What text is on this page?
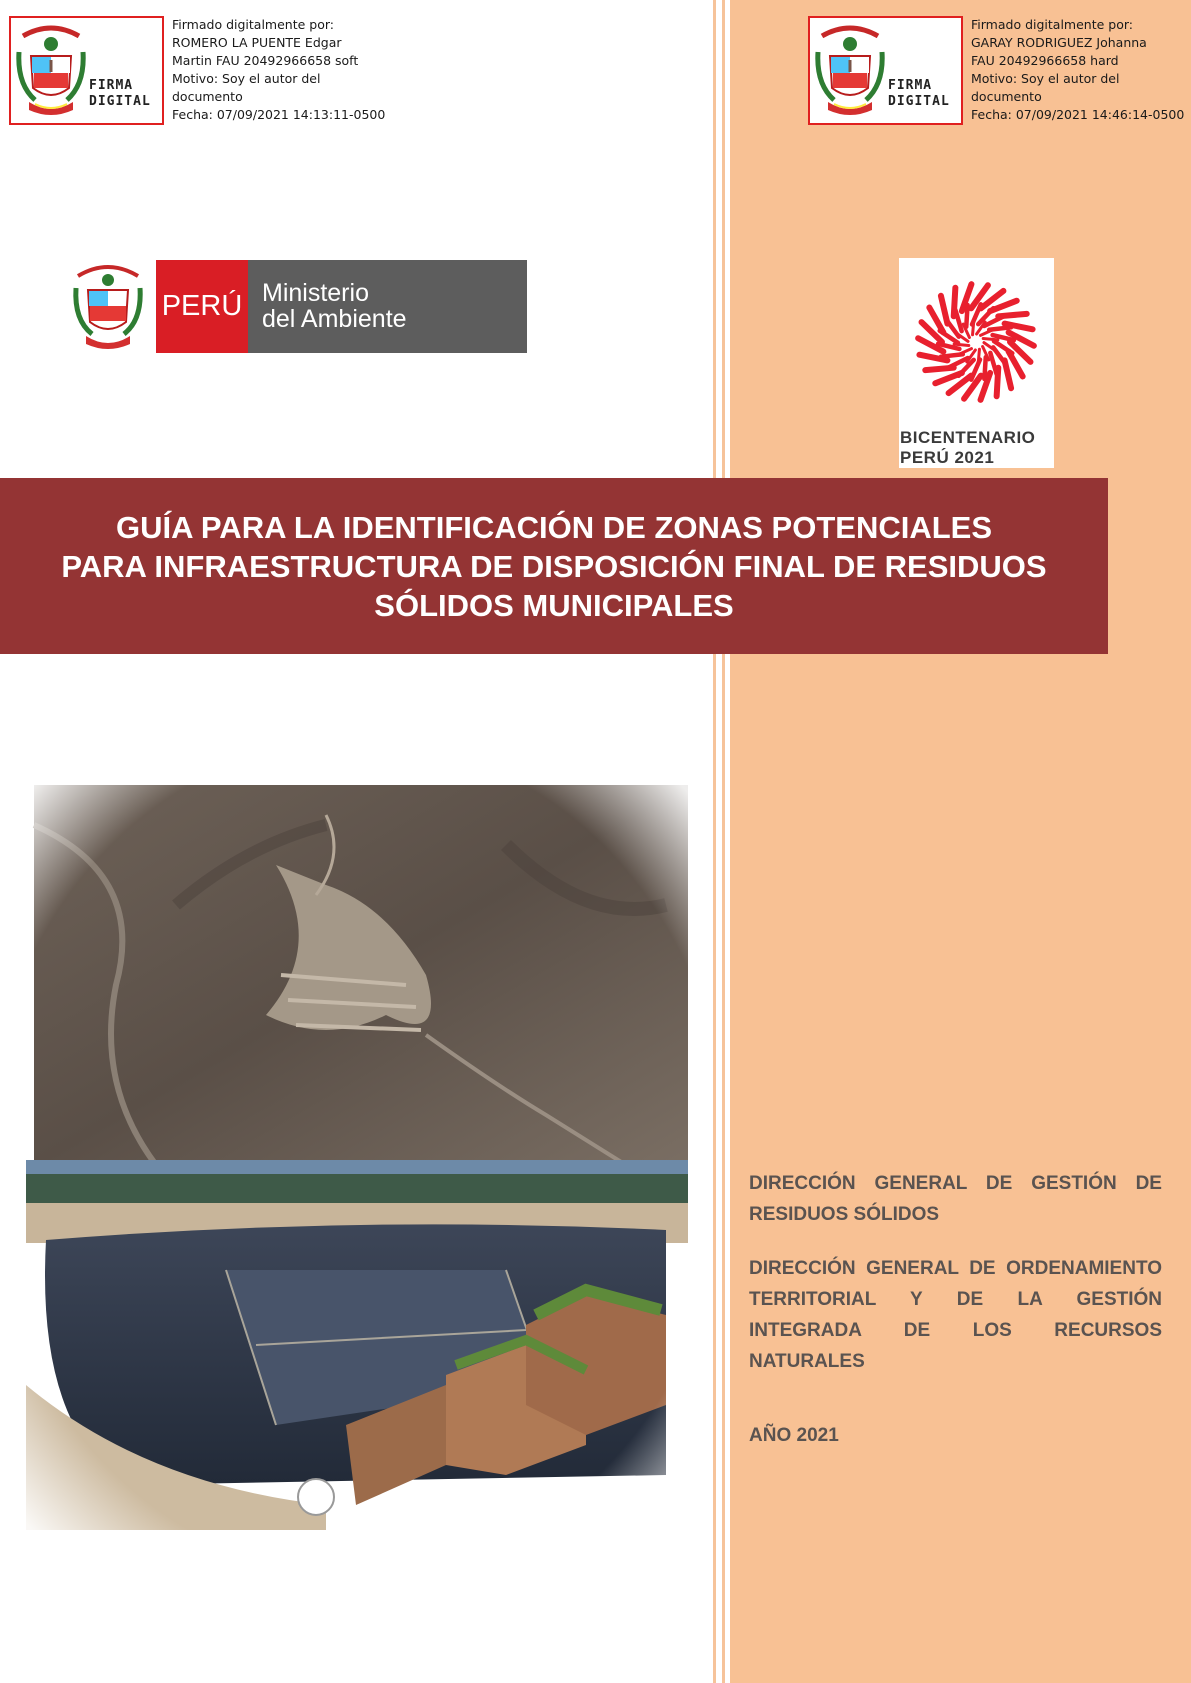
FIRMA
DIGITAL
Firmado digitalmente por:
ROMERO LA PUENTE Edgar
Martin FAU 20492966658 soft
Motivo: Soy el autor del
documento
Fecha: 07/09/2021 14:13:11-0500
FIRMA
DIGITAL
Firmado digitalmente por:
GARAY RODRIGUEZ Johanna
FAU 20492966658 hard
Motivo: Soy el autor del
documento
Fecha: 07/09/2021 14:46:14-0500
PERÚ Ministerio
del Ambiente
BICENTENARIO
PERÚ 2021
GUÍA PARA LA IDENTIFICACIÓN DE ZONAS POTENCIALES
PARA INFRAESTRUCTURA DE DISPOSICIÓN FINAL DE RESIDUOS
SÓLIDOS MUNICIPALES

DIRECCIÓN GENERAL DE GESTIÓN DE RESIDUOS SÓLIDOS

DIRECCIÓN GENERAL DE ORDENAMIENTO TERRITORIAL Y DE LA GESTIÓN INTEGRADA DE LOS RECURSOS NATURALES

AÑO 2021
